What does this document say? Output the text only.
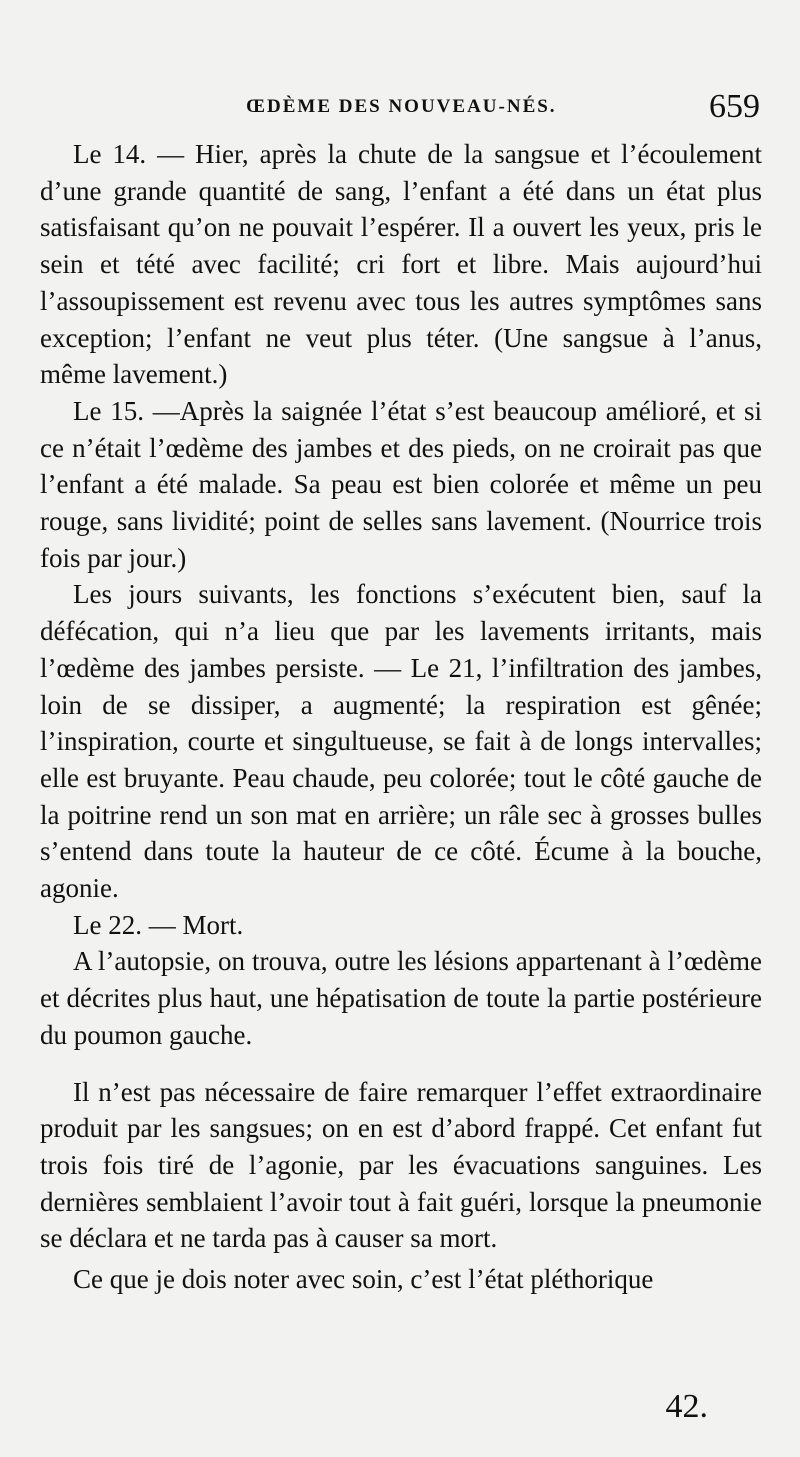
ŒDÈME DES NOUVEAU-NÉS.	659

Le 14. — Hier, après la chute de la sangsue et l’écoulement d’une grande quantité de sang, l’enfant a été dans un état plus satisfaisant qu’on ne pouvait l’espérer. Il a ouvert les yeux, pris le sein et tété avec facilité; cri fort et libre. Mais aujourd’hui l’assoupissement est revenu avec tous les autres symptômes sans exception; l’enfant ne veut plus téter. (Une sangsue à l’anus, même lavement.)

Le 15. —Après la saignée l’état s’est beaucoup amélioré, et si ce n’était l’œdème des jambes et des pieds, on ne croirait pas que l’enfant a été malade. Sa peau est bien colorée et même un peu rouge, sans lividité; point de selles sans lavement. (Nourrice trois fois par jour.)

Les jours suivants, les fonctions s’exécutent bien, sauf la défécation, qui n’a lieu que par les lavements irritants, mais l’œdème des jambes persiste. — Le 21, l’infiltration des jambes, loin de se dissiper, a augmenté; la respiration est gênée; l’inspiration, courte et singultueuse, se fait à de longs intervalles; elle est bruyante. Peau chaude, peu colorée; tout le côté gauche de la poitrine rend un son mat en arrière; un râle sec à grosses bulles s’entend dans toute la hauteur de ce côté. Écume à la bouche, agonie.

Le 22. — Mort.

A l’autopsie, on trouva, outre les lésions appartenant à l’œdème et décrites plus haut, une hépatisation de toute la partie postérieure du poumon gauche.

Il n’est pas nécessaire de faire remarquer l’effet extraordinaire produit par les sangsues; on en est d’abord frappé. Cet enfant fut trois fois tiré de l’agonie, par les évacuations sanguines. Les dernières semblaient l’avoir tout à fait guéri, lorsque la pneumonie se déclara et ne tarda pas à causer sa mort.

Ce que je dois noter avec soin, c’est l’état pléthorique

42.
